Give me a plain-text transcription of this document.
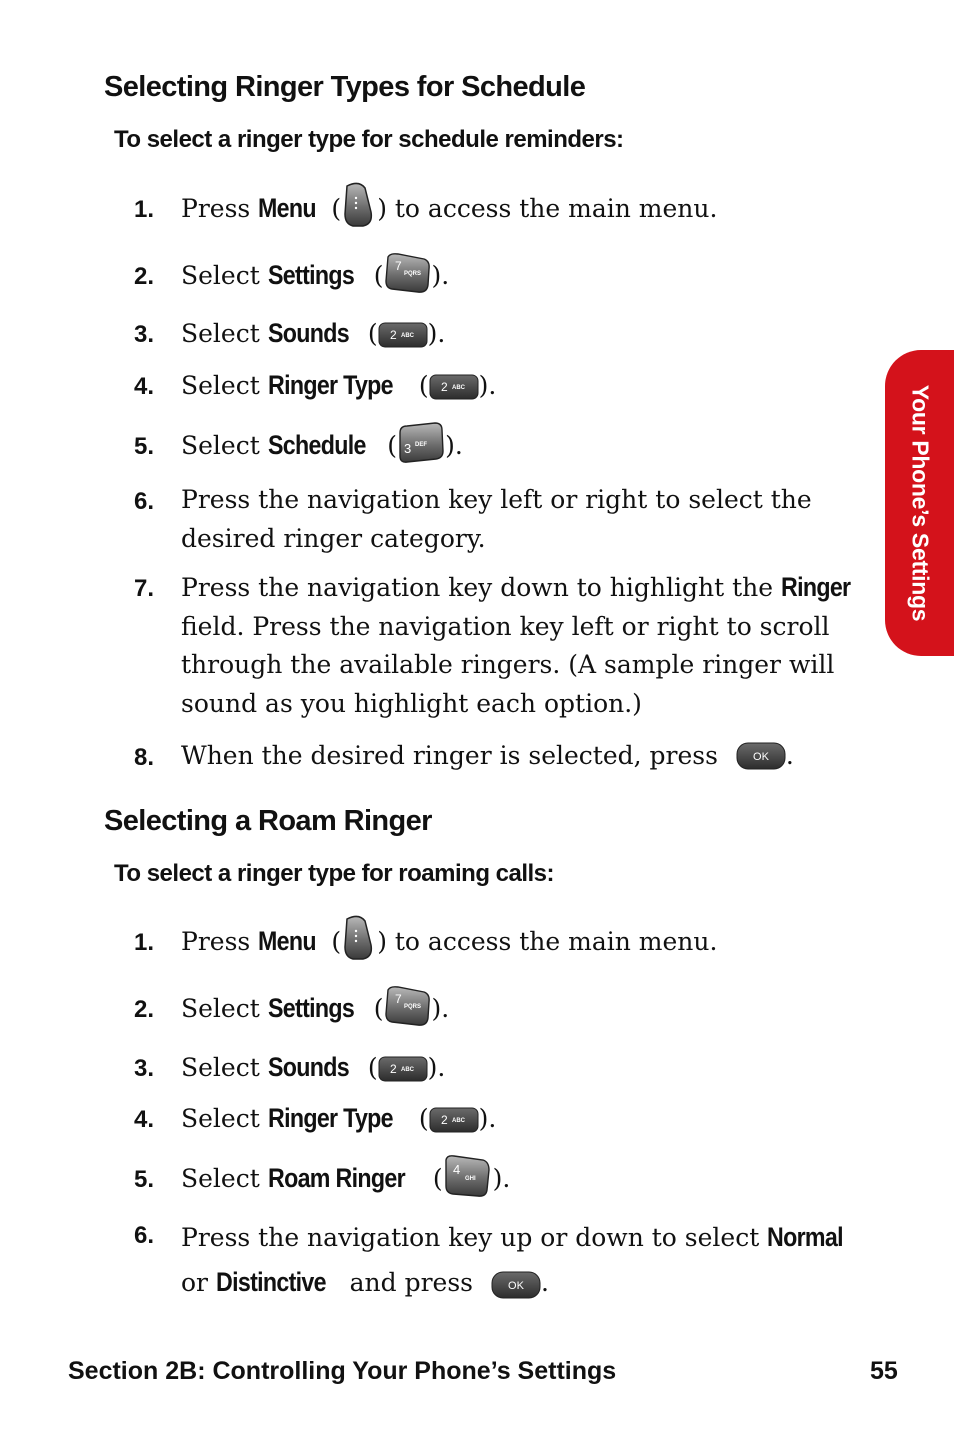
Your Phone’s Settings
Selecting Ringer Types for Schedule
To select a ringer type for schedule reminders:
1. Press Menu ( ) to access the main menu.
2. Select Settings ( 7
PQRS ).
3. Select Sounds ( 2 ABC ).
4. Select Ringer Type ( 2 ABC ).
5. Select Schedule ( 3 DEF ).
6. Press the navigation key left or right to select the desired ringer category.
7. Press the navigation key down to highlight the Ringer field. Press the navigation key left or right to scroll through the available ringers. (A sample ringer will sound as you highlight each option.)
8. When the desired ringer is selected, press OK .
Selecting a Roam Ringer
To select a ringer type for roaming calls:
1. Press Menu ( ) to access the main menu.
2. Select Settings ( 7
PQRS ).
3. Select Sounds ( 2 ABC ).
4. Select Ringer Type ( 2 ABC ).
5. Select Roam Ringer ( 4
GHI ).
6. Press the navigation key up or down to select Normal or Distinctive and press OK .
Section 2B: Controlling Your Phone’s Settings	55
